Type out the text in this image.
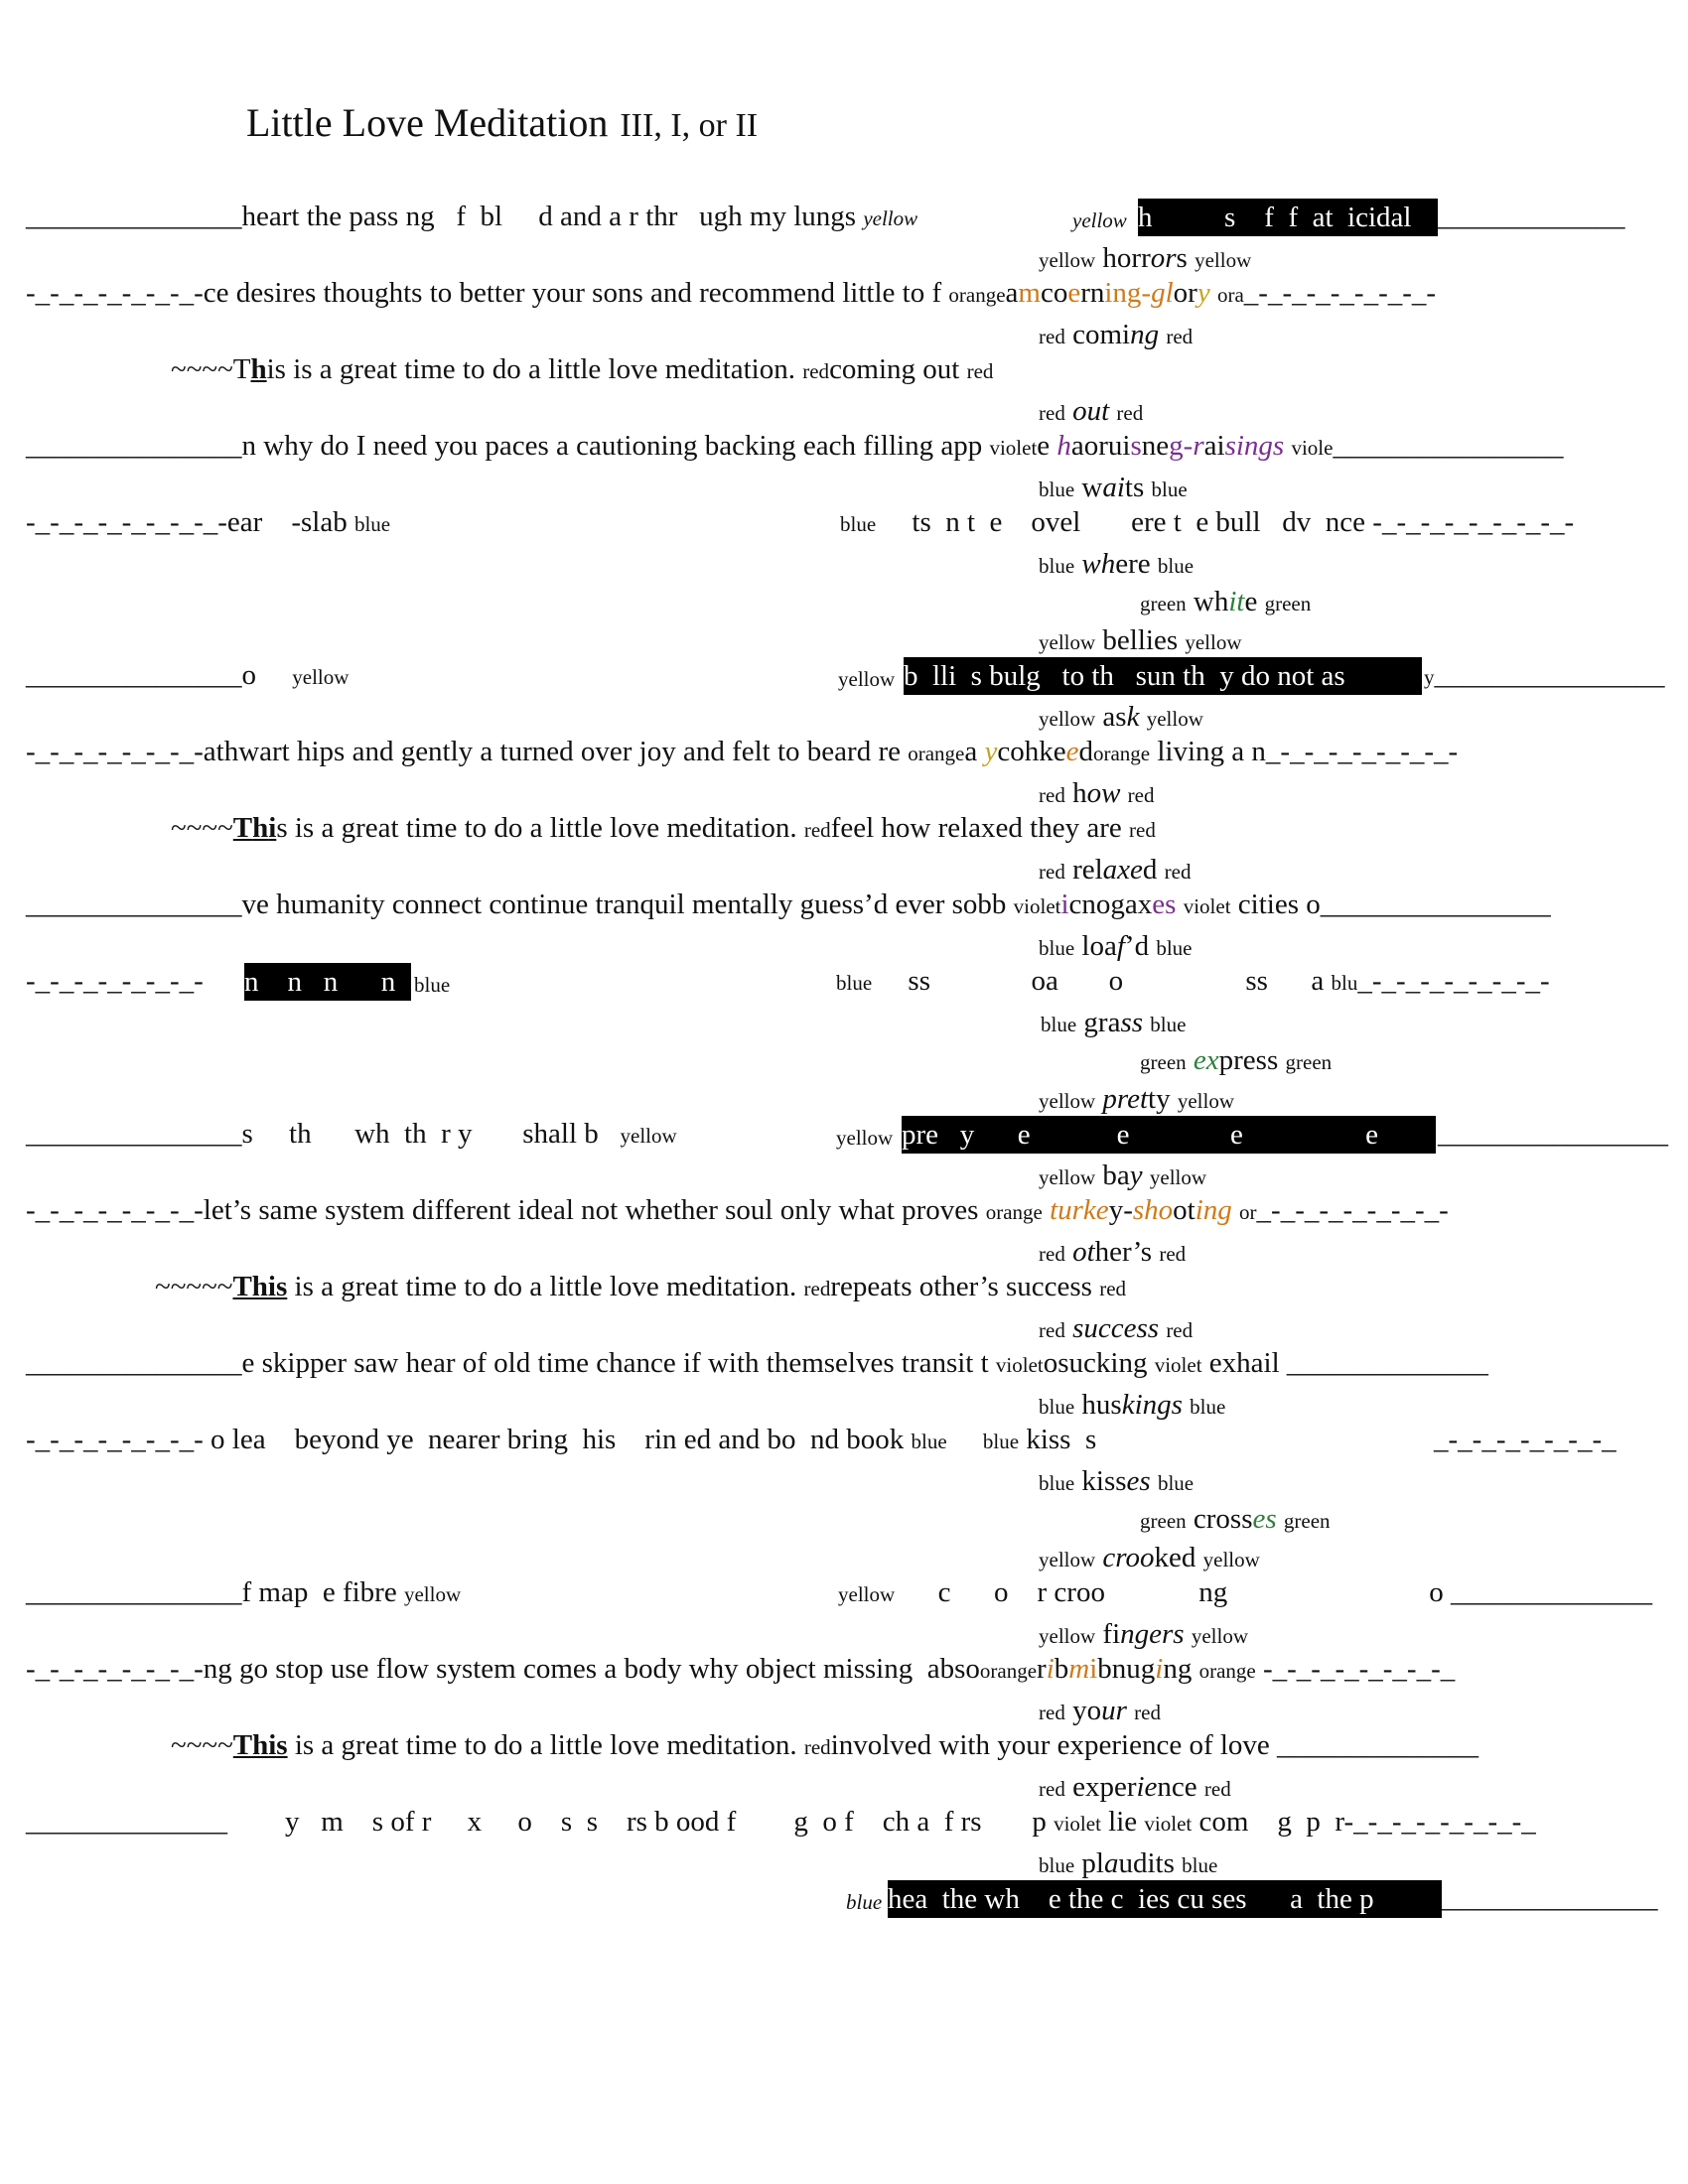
Little Love Meditation III, I, or II
_______________heart the pass ng   f  bl     d and a r thr   ugh my lungs yellow	yellow h          s    f  f  at  icidal _____________
yellow horrors yellow
-_-_-_-_-_-_-_-ce desires thoughts to better your sons and recommend little to f orangeamcoerning-glory ora_-_-_-_-_-_-_-_-
red coming red
~~~~This is a great time to do a little love meditation. redcoming out red
red out red
_______________n why do I need you paces a cautioning backing each filling app violete haoruisneg-raisings viole________________
blue waits blue
-_-_-_-_-_-_-_-_-ear    -slab blue	blue ts  n t  e    ovel       ere t  e bull   dv  nce -_-_-_-_-_-_-_-_-
blue where blue
green white green
yellow bellies yellow
_______________o yellow	yellow b  lli  s bulg   to th   sun th  y do not as	y________________
yellow ask yellow
-_-_-_-_-_-_-_-athwart hips and gently a turned over joy and felt to beard re orangea ycohkeedorange living a n_-_-_-_-_-_-_-_-
red how red
~~~~This is a great time to do a little love meditation. redfeel how relaxed they are red
red relaxed red
_______________ve humanity connect continue tranquil mentally guess’d ever sobb violeticnogaxes violet cities o________________
blue loaf’d blue
-_-_-_-_-_-_-_- n    n   n      n blue	blue ss              oa       o                 ss      a blu_-_-_-_-_-_-_-_-
blue grass blue
green express green
yellow pretty yellow
_______________s     th      wh  th  r y       shall b yellow	yellow pre   y      e            e              e                 e	________________
yellow bay yellow
-_-_-_-_-_-_-_-let’s same system different ideal not whether soul only what proves orange turkey-shooting or_-_-_-_-_-_-_-_-
red other’s red
~~~~~This is a great time to do a little love meditation. redrepeats other’s success red
red success red
_______________e skipper saw hear of old time chance if with themselves transit t violetosucking violet exhail ______________
blue huskings blue
-_-_-_-_-_-_-_- o lea    beyond ye  nearer bring  his    rin ed and bo  nd book blue blue kiss  s	_-_-_-_-_-_-_-_
blue kisses blue
green crosses green
yellow crooked yellow
_______________f map  e fibre yellow	yellow c      o    r croo             ng                            o ______________
yellow fingers yellow
-_-_-_-_-_-_-_-ng go stop use flow system comes a body why object missing  absoorangeribmibnuging orange -_-_-_-_-_-_-_-_
red your red
~~~~This is a great time to do a little love meditation. redinvolved with your experience of love ______________
red experience red
______________ y   m    s of r     x     o    s  s    rs b ood f        g  o f    ch a  f rs       p violet lie violet com    g  p  r-_-_-_-_-_-_-_-_
blue plaudits blue
blue hea  the wh    e the c  ies cu ses      a  the p	_______________
